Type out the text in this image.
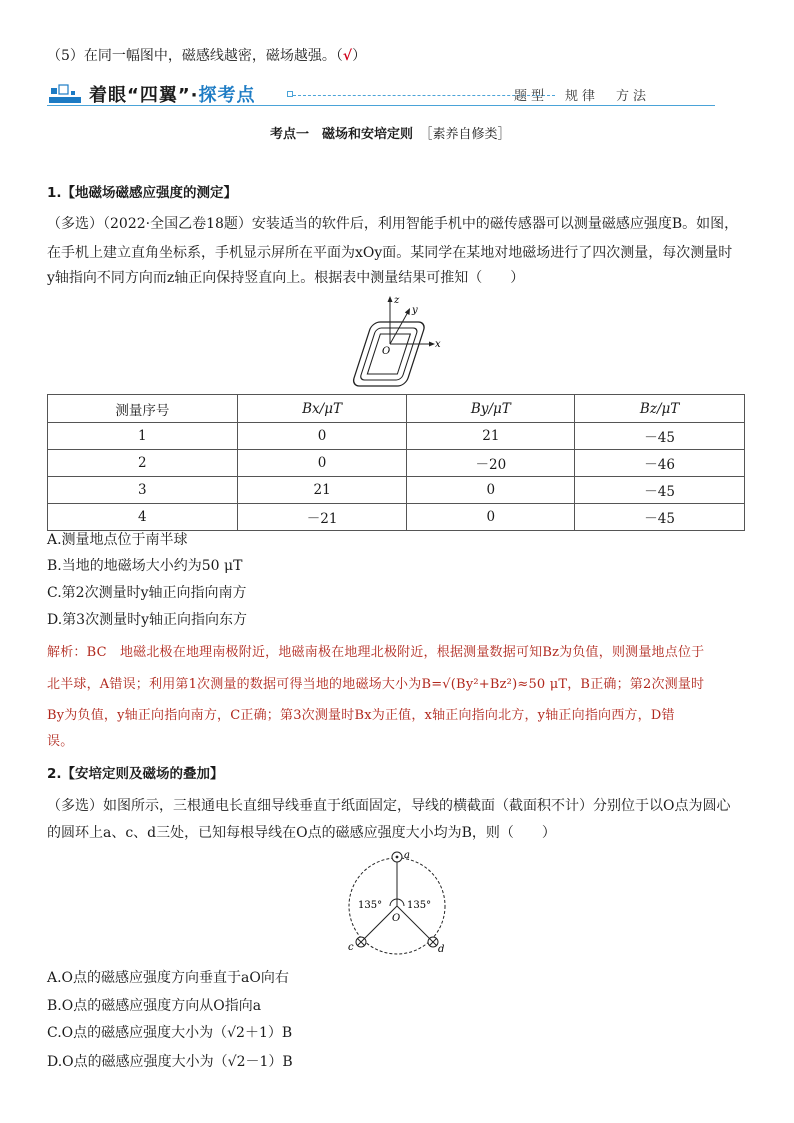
（5）在同一幅图中，磁感线越密，磁场越强。（√）
着眼“四翼”·探考点	题型　规律　方法
考点一　磁场和安培定则　 ［素养自修类］
1.【地磁场磁感应强度的测定】
（多选）（2022·全国乙卷18题）安装适当的软件后，利用智能手机中的磁传感器可以测量磁感应强度B。如图，
在手机上建立直角坐标系，手机显示屏所在平面为xOy面。某同学在某地对地磁场进行了四次测量，每次测量时
y轴指向不同方向而z轴正向保持竖直向上。根据表中测量结果可推知（　　）
z
y
x
O
测量序号	Bx/μT	By/μT	Bz/μT
1	0	21	－45
2	0	－20	－46
3	21	0	－45
4	－21	0	－45
A.测量地点位于南半球
B.当地的地磁场大小约为50 μT
C.第2次测量时y轴正向指向南方
D.第3次测量时y轴正向指向东方
解析：BC　地磁北极在地理南极附近，地磁南极在地理北极附近，根据测量数据可知Bz为负值，则测量地点位于
北半球，A错误；利用第1次测量的数据可得当地的地磁场大小为B=√(By²+Bz²)≈50 μT，B正确；第2次测量时
By为负值，y轴正向指向南方，C正确；第3次测量时Bx为正值，x轴正向指向北方，y轴正向指向西方，D错
误。
2.【安培定则及磁场的叠加】
（多选）如图所示，三根通电长直细导线垂直于纸面固定，导线的横截面（截面积不计）分别位于以O点为圆心
的圆环上a、c、d三处，已知每根导线在O点的磁感应强度大小均为B，则（　　）
a
c	d
O
135° 135°
A.O点的磁感应强度方向垂直于aO向右
B.O点的磁感应强度方向从O指向a
C.O点的磁感应强度大小为（√2＋1）B
D.O点的磁感应强度大小为（√2－1）B
